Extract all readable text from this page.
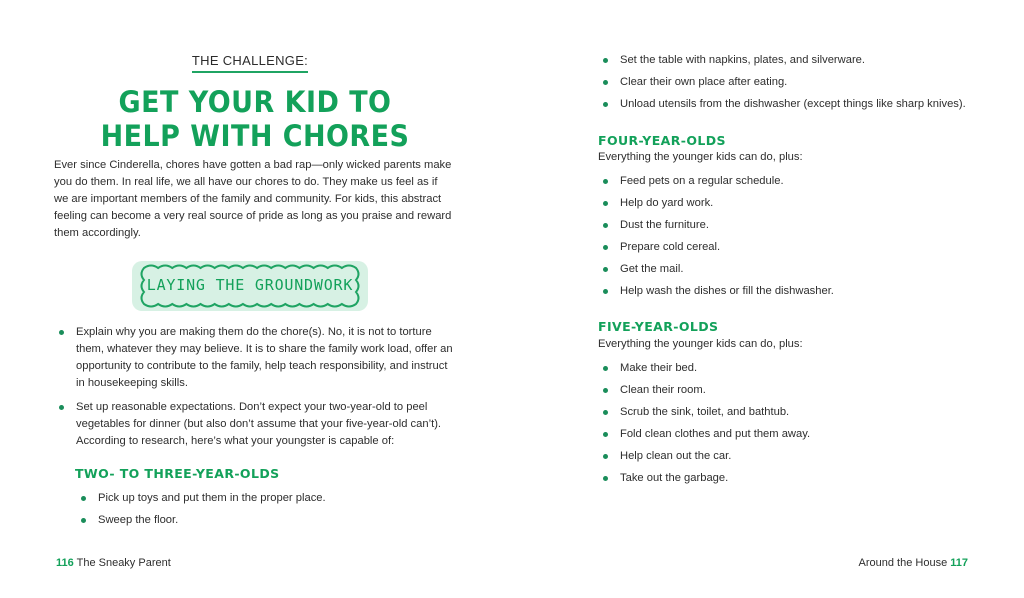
THE CHALLENGE:
GET YOUR KID TO
HELP WITH CHORES

Ever since Cinderella, chores have gotten a bad rap—only wicked parents make you do them. In real life, we all have our chores to do. They make us feel as if we are important members of the family and community. For kids, this abstract feeling can become a very real source of pride as long as you praise and reward them accordingly.

LAYING THE GROUNDWORK
Explain why you are making them do the chore(s). No, it is not to torture them, whatever they may believe. It is to share the family work load, offer an opportunity to contribute to the family, help teach responsibility, and instruct in housekeeping skills.
Set up reasonable expectations. Don’t expect your two-year-old to peel vegetables for dinner (but also don’t assume that your five-year-old can’t). According to research, here’s what your youngster is capable of:
TWO- TO THREE-YEAR-OLDS
Pick up toys and put them in the proper place.
Sweep the floor.
116 The Sneaky Parent
Set the table with napkins, plates, and silverware.
Clear their own place after eating.
Unload utensils from the dishwasher (except things like sharp knives).
FOUR-YEAR-OLDS
Everything the younger kids can do, plus:
Feed pets on a regular schedule.
Help do yard work.
Dust the furniture.
Prepare cold cereal.
Get the mail.
Help wash the dishes or fill the dishwasher.
FIVE-YEAR-OLDS
Everything the younger kids can do, plus:
Make their bed.
Clean their room.
Scrub the sink, toilet, and bathtub.
Fold clean clothes and put them away.
Help clean out the car.
Take out the garbage.
Around the House 117
